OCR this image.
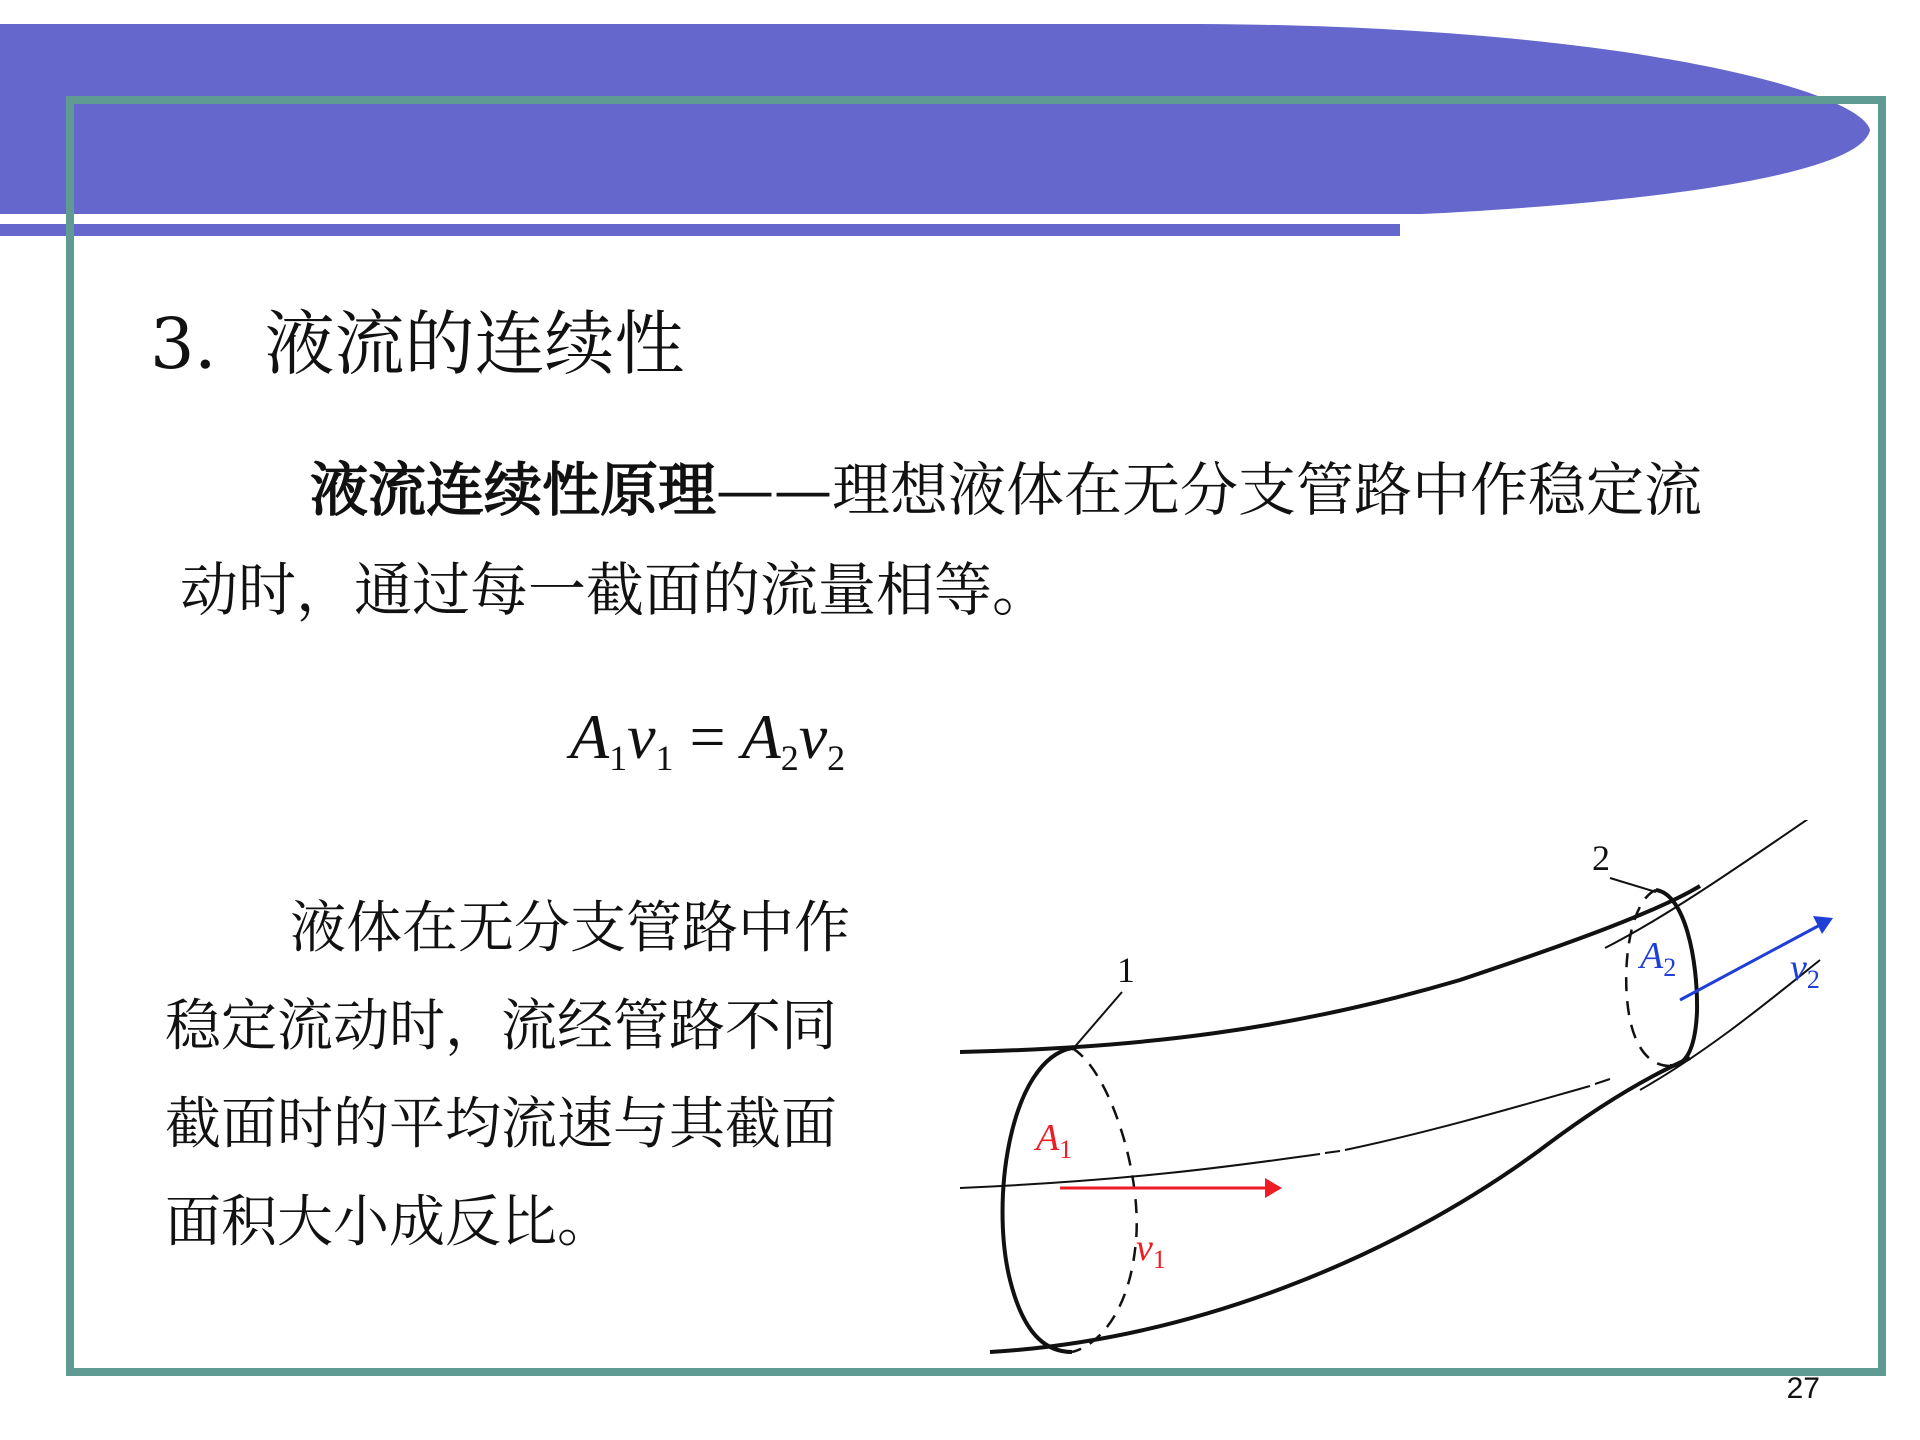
3．液流的连续性
液流连续性原理——理想液体在无分支管路中作稳定流动时，通过每一截面的流量相等。
$A_1v_1 = A_2v_2$
液体在无分支管路中作稳定流动时，流经管路不同截面时的平均流速与其截面面积大小成反比。
1
2
$A_1$
$v_1$
$A_2$	$v_2$
27
